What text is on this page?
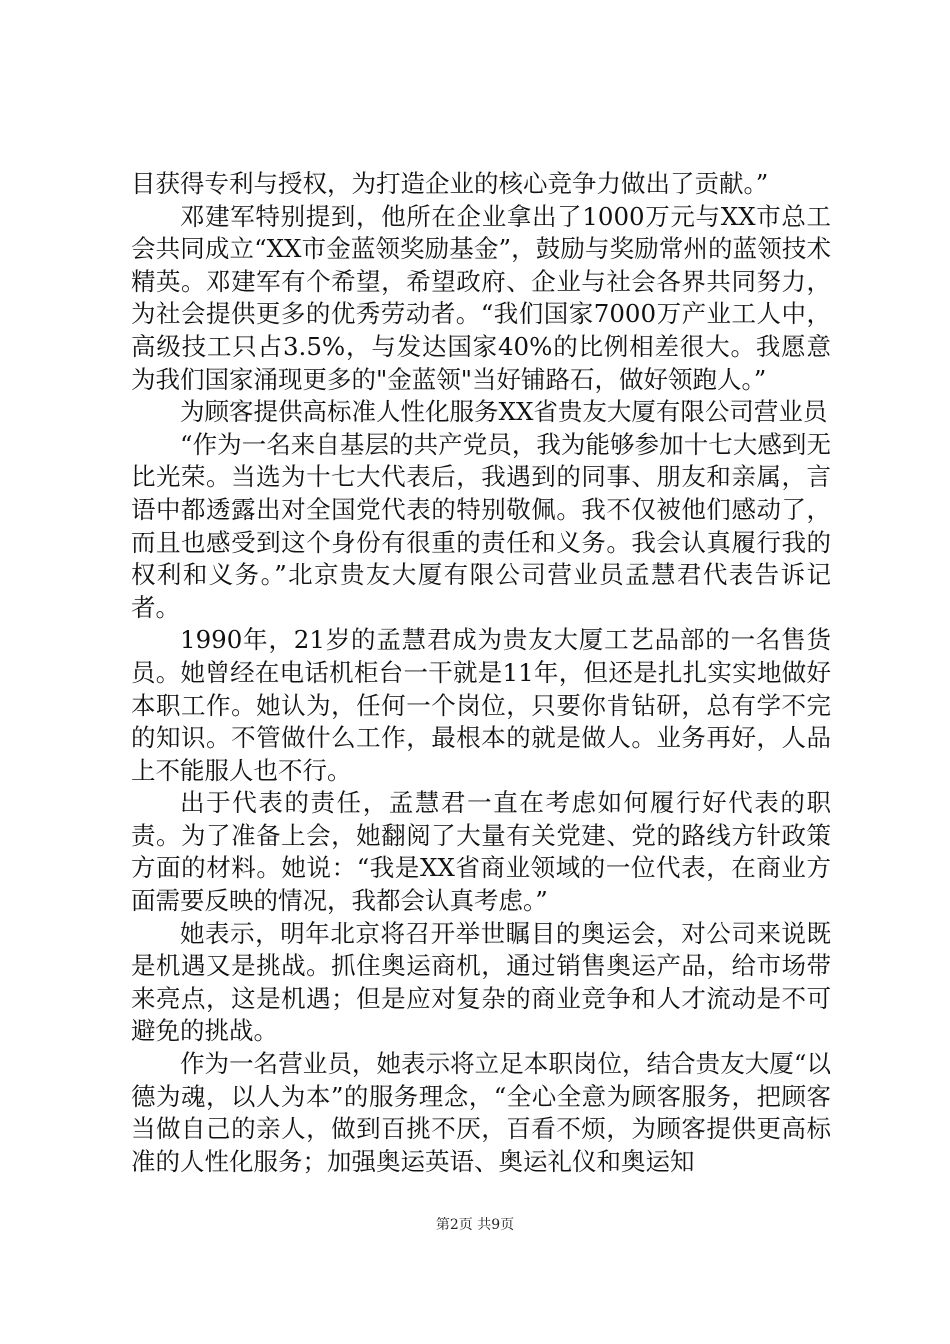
目获得专利与授权，为打造企业的核心竞争力做出了贡献。”

邓建军特别提到，他所在企业拿出了1000万元与XX市总工会共同成立“XX市金蓝领奖励基金”，鼓励与奖励常州的蓝领技术精英。邓建军有个希望，希望政府、企业与社会各界共同努力，为社会提供更多的优秀劳动者。“我们国家7000万产业工人中，高级技工只占3.5%，与发达国家40%的比例相差很大。我愿意为我们国家涌现更多的"金蓝领"当好铺路石，做好领跑人。”

为顾客提供高标准人性化服务XX省贵友大厦有限公司营业员

“作为一名来自基层的共产党员，我为能够参加十七大感到无比光荣。当选为十七大代表后，我遇到的同事、朋友和亲属，言语中都透露出对全国党代表的特别敬佩。我不仅被他们感动了，而且也感受到这个身份有很重的责任和义务。我会认真履行我的权利和义务。”北京贵友大厦有限公司营业员孟慧君代表告诉记者。

1990年，21岁的孟慧君成为贵友大厦工艺品部的一名售货员。她曾经在电话机柜台一干就是11年，但还是扎扎实实地做好本职工作。她认为，任何一个岗位，只要你肯钻研，总有学不完的知识。不管做什么工作，最根本的就是做人。业务再好，人品上不能服人也不行。

出于代表的责任，孟慧君一直在考虑如何履行好代表的职责。为了准备上会，她翻阅了大量有关党建、党的路线方针政策方面的材料。她说：“我是XX省商业领域的一位代表，在商业方面需要反映的情况，我都会认真考虑。”

她表示，明年北京将召开举世瞩目的奥运会，对公司来说既是机遇又是挑战。抓住奥运商机，通过销售奥运产品，给市场带来亮点，这是机遇；但是应对复杂的商业竞争和人才流动是不可避免的挑战。

作为一名营业员，她表示将立足本职岗位，结合贵友大厦“以德为魂，以人为本”的服务理念，“全心全意为顾客服务，把顾客当做自己的亲人，做到百挑不厌，百看不烦，为顾客提供更高标准的人性化服务；加强奥运英语、奥运礼仪和奥运知

第2页 共9页
